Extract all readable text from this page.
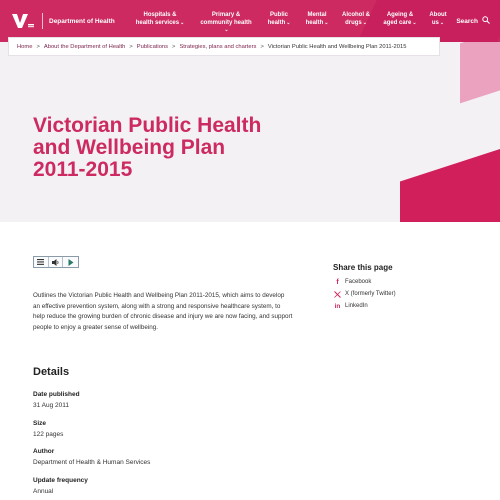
Department of Health
Hospitals &
health services⌄
Primary &
community health
⌄
Public
health⌄
Mental
health⌄
Alcohol &
drugs⌄
Ageing &
aged care⌄
About
us⌄	Search
Home > About the Department of Health > Publications > Strategies, plans and charters > Victorian Public Health and Wellbeing Plan 2011-2015
Victorian Public Health
and Wellbeing Plan
2011-2015

Outlines the Victorian Public Health and Wellbeing Plan 2011-2015, which aims to develop an effective prevention system, along with a strong and responsive healthcare system, to help reduce the growing burden of chronic disease and injury we are now facing, and support people to enjoy a greater sense of wellbeing.

Details
Date published
31 Aug 2011
Size
122 pages
Author
Department of Health & Human Services
Update frequency
Annual
Share this page
f	Facebook
X (formerly Twitter)
in LinkedIn
